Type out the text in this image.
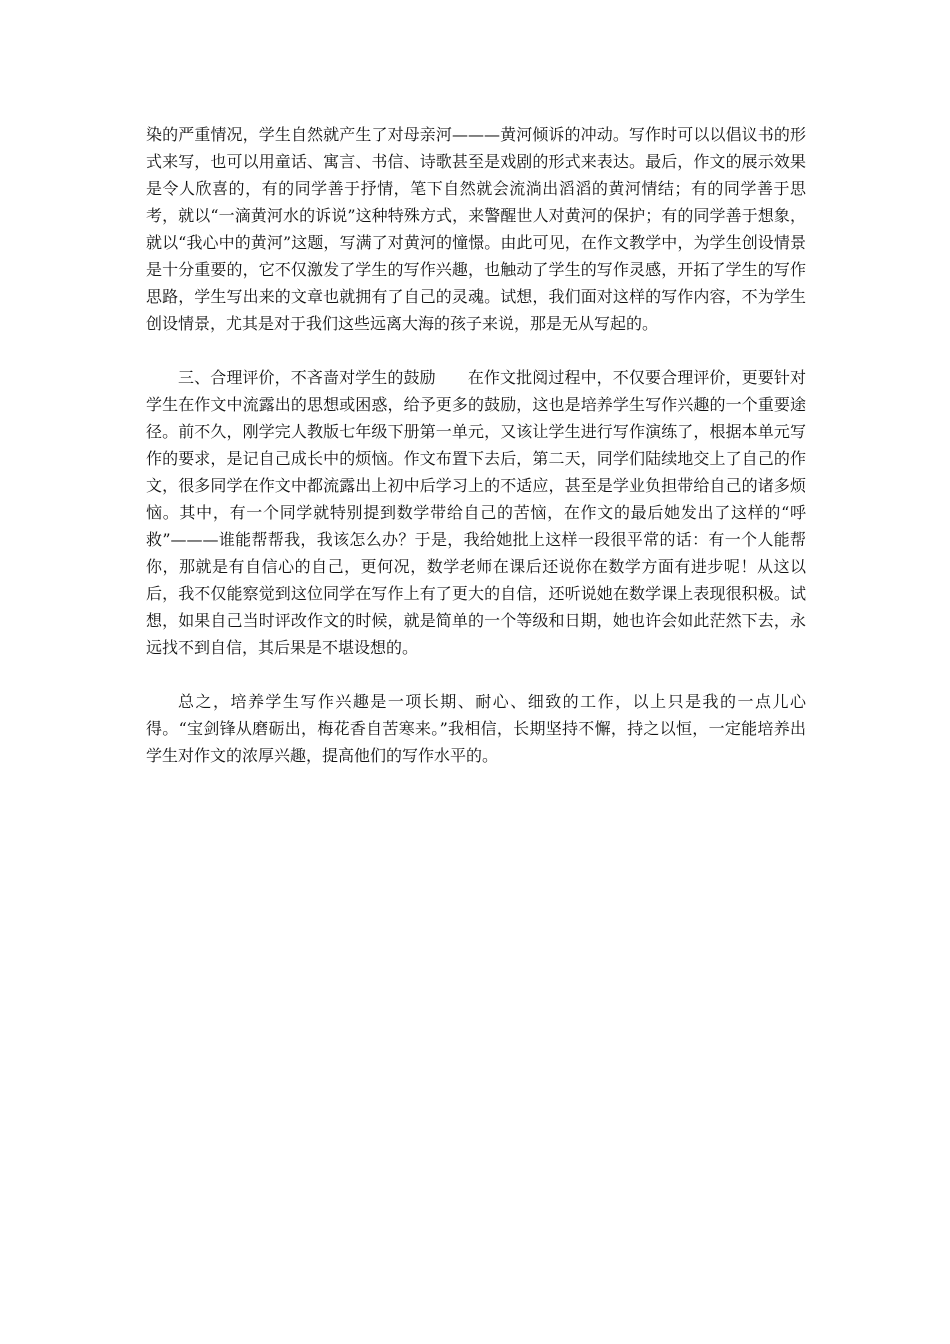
染的严重情况，学生自然就产生了对母亲河———黄河倾诉的冲动。写作时可以以倡议书的形式来写，也可以用童话、寓言、书信、诗歌甚至是戏剧的形式来表达。最后，作文的展示效果是令人欣喜的，有的同学善于抒情，笔下自然就会流淌出滔滔的黄河情结；有的同学善于思考，就以“一滴黄河水的诉说”这种特殊方式，来警醒世人对黄河的保护；有的同学善于想象，就以“我心中的黄河”这题，写满了对黄河的憧憬。由此可见，在作文教学中，为学生创设情景是十分重要的，它不仅激发了学生的写作兴趣，也触动了学生的写作灵感，开拓了学生的写作思路，学生写出来的文章也就拥有了自己的灵魂。试想，我们面对这样的写作内容，不为学生创设情景，尤其是对于我们这些远离大海的孩子来说，那是无从写起的。

三、合理评价，不吝啬对学生的鼓励 在作文批阅过程中，不仅要合理评价，更要针对学生在作文中流露出的思想或困惑，给予更多的鼓励，这也是培养学生写作兴趣的一个重要途径。前不久，刚学完人教版七年级下册第一单元，又该让学生进行写作演练了，根据本单元写作的要求，是记自己成长中的烦恼。作文布置下去后，第二天，同学们陆续地交上了自己的作文，很多同学在作文中都流露出上初中后学习上的不适应，甚至是学业负担带给自己的诸多烦恼。其中，有一个同学就特别提到数学带给自己的苦恼，在作文的最后她发出了这样的“呼救”———谁能帮帮我，我该怎么办？于是，我给她批上这样一段很平常的话：有一个人能帮你，那就是有自信心的自己，更何况，数学老师在课后还说你在数学方面有进步呢！从这以后，我不仅能察觉到这位同学在写作上有了更大的自信，还听说她在数学课上表现很积极。试想，如果自己当时评改作文的时候，就是简单的一个等级和日期，她也许会如此茫然下去，永远找不到自信，其后果是不堪设想的。

总之，培养学生写作兴趣是一项长期、耐心、细致的工作，以上只是我的一点儿心得。“宝剑锋从磨砺出，梅花香自苦寒来。”我相信，长期坚持不懈，持之以恒，一定能培养出学生对作文的浓厚兴趣，提高他们的写作水平的。
